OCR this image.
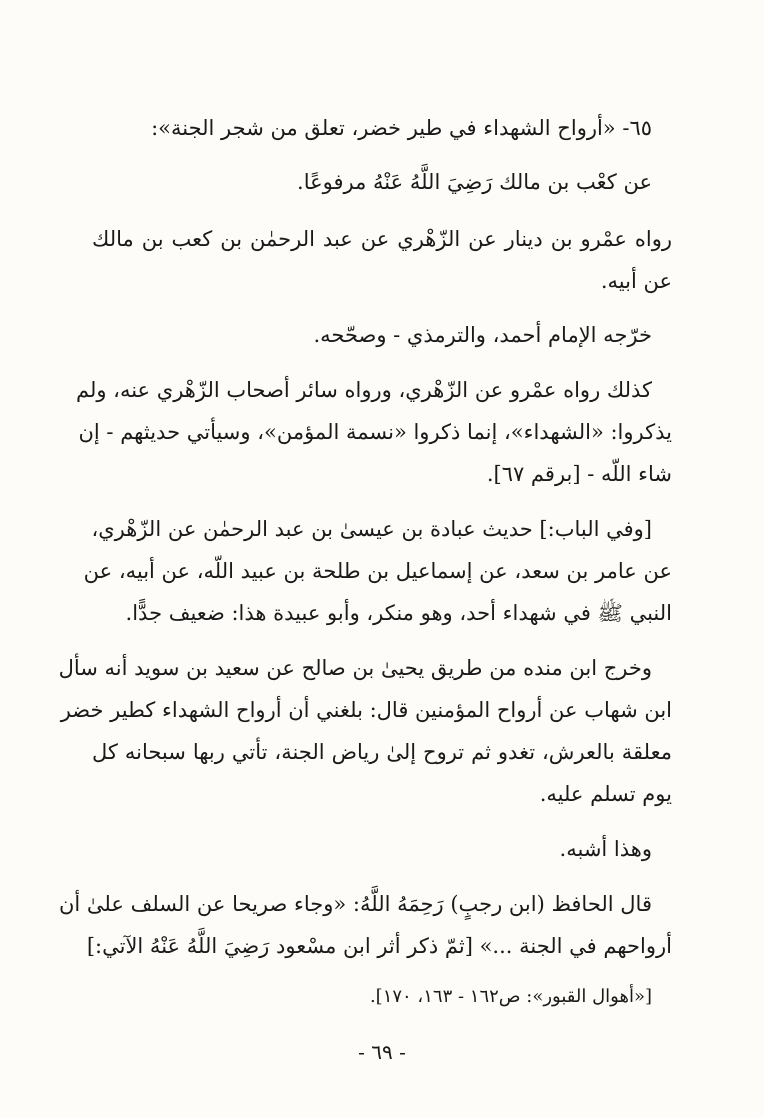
٦٥- «أرواح الشهداء في طير خضر، تعلق من شجر الجنة»:
عن كعْب بن مالك رَضِيَ اللَّهُ عَنْهُ مرفوعًا.
رواه عمْرو بن دينار عن الزّهْري عن عبد الرحمٰن بن كعب بن مالك
عن أبيه.
خرّجه الإمام أحمد، والترمذي - وصحّحه.
كذلك رواه عمْرو عن الزّهْري، ورواه سائر أصحاب الزّهْري عنه، ولم
يذكروا: «الشهداء»، إنما ذكروا «نسمة المؤمن»، وسيأتي حديثهم - إن
شاء اللّه - [برقم ٦٧].
[وفي الباب:] حديث عبادة بن عيسىٰ بن عبد الرحمٰن عن الزّهْري،
عن عامر بن سعد، عن إسماعيل بن طلحة بن عبيد اللّه، عن أبيه، عن
النبي ﷺ في شهداء أحد، وهو منكر، وأبو عبيدة هذا: ضعيف جدًّا.
وخرج ابن منده من طريق يحيىٰ بن صالح عن سعيد بن سويد أنه سأل
ابن شهاب عن أرواح المؤمنين قال: بلغني أن أرواح الشهداء كطير خضر
معلقة بالعرش، تغدو ثم تروح إلىٰ رياض الجنة، تأتي ربها سبحانه كل
يوم تسلم عليه.
وهذا أشبه.
قال الحافظ (ابن رجبٍ) رَحِمَهُ اللَّهُ: «وجاء صريحا عن السلف علىٰ أن
أرواحهم في الجنة ...» [ثمّ ذكر أثر ابن مسْعود رَضِيَ اللَّهُ عَنْهُ الآتي:]
[«أهوال القبور»: ص١٦٢ - ١٦٣، ١٧٠].
- ٦٩ -
